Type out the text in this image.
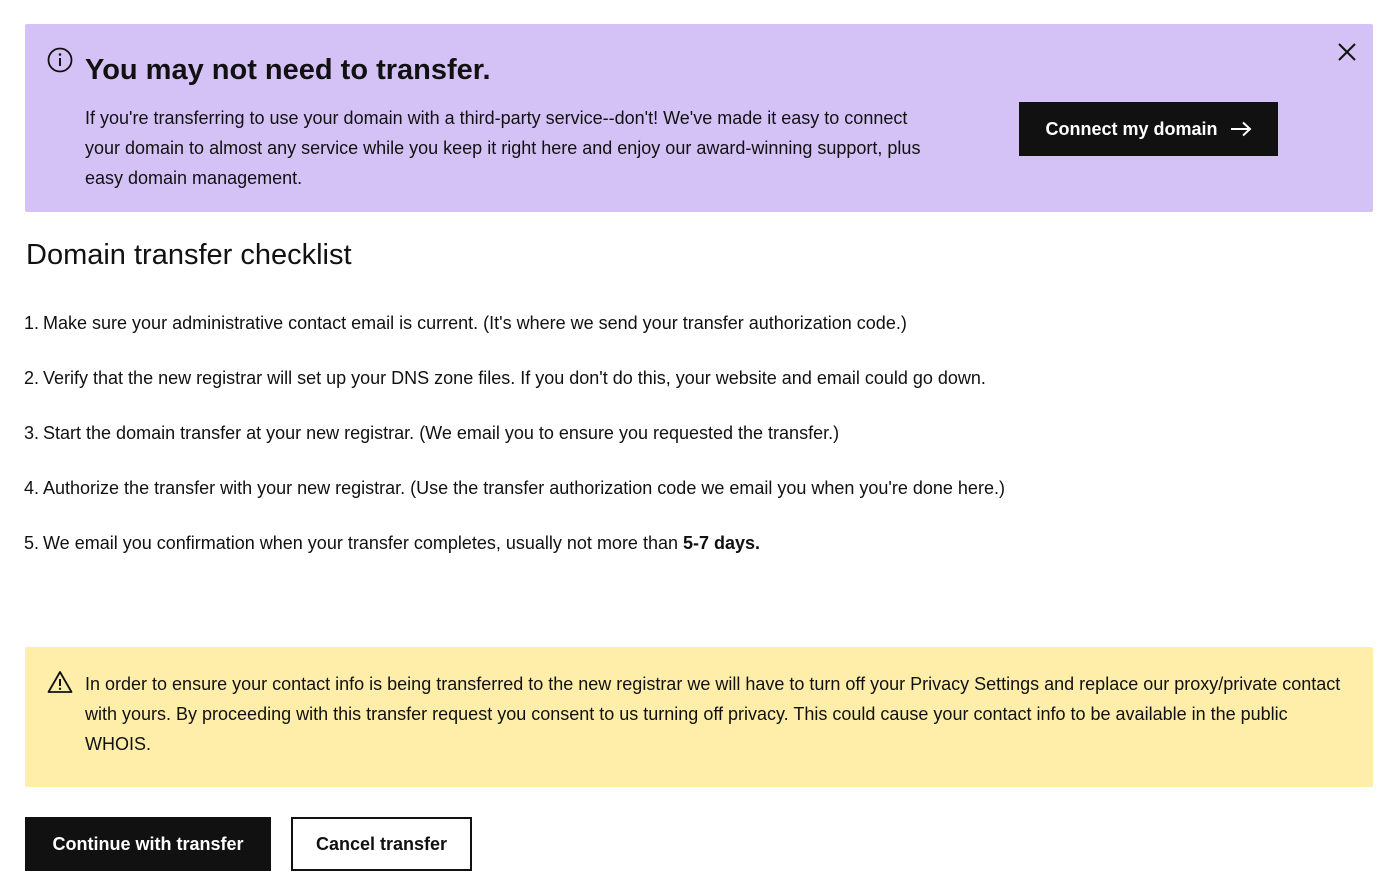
You may not need to transfer.

If you're transferring to use your domain with a third-party service--don't! We've made it easy to connect your domain to almost any service while you keep it right here and enjoy our award-winning support, plus easy domain management.

Connect my domain
Domain transfer checklist
1. Make sure your administrative contact email is current. (It's where we send your transfer authorization code.)
2. Verify that the new registrar will set up your DNS zone files. If you don't do this, your website and email could go down.
3. Start the domain transfer at your new registrar. (We email you to ensure you requested the transfer.)
4. Authorize the transfer with your new registrar. (Use the transfer authorization code we email you when you're done here.)
5. We email you confirmation when your transfer completes, usually not more than 5-7 days.

In order to ensure your contact info is being transferred to the new registrar we will have to turn off your Privacy Settings and replace our proxy/private contact with yours. By proceeding with this transfer request you consent to us turning off privacy. This could cause your contact info to be available in the public WHOIS.

Continue with transfer	Cancel transfer
